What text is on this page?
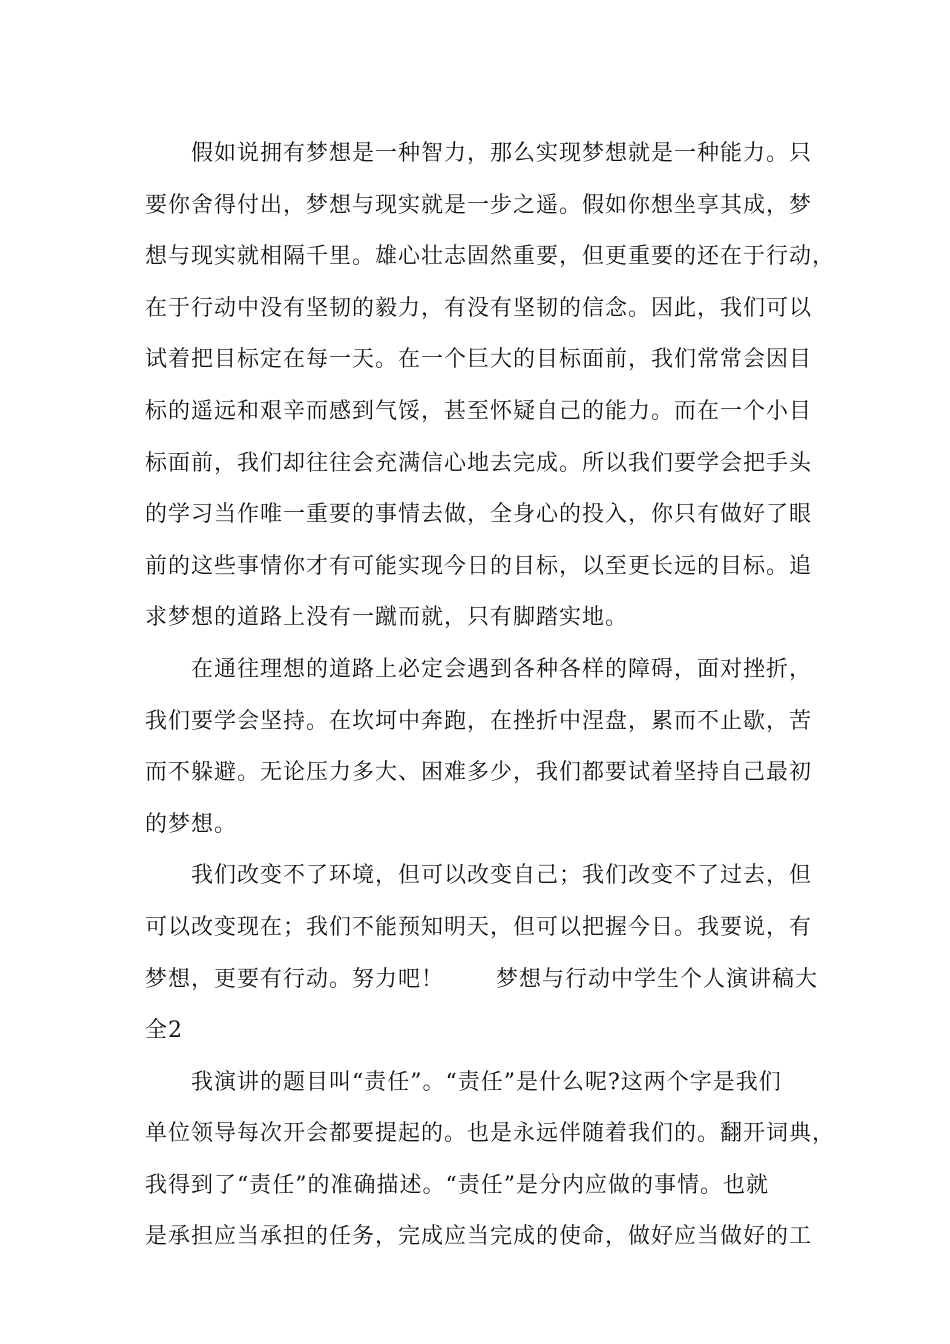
假如说拥有梦想是一种智力，那么实现梦想就是一种能力。只
要你舍得付出，梦想与现实就是一步之遥。假如你想坐享其成，梦
想与现实就相隔千里。雄心壮志固然重要，但更重要的还在于行动，
在于行动中没有坚韧的毅力，有没有坚韧的信念。因此，我们可以
试着把目标定在每一天。在一个巨大的目标面前，我们常常会因目
标的遥远和艰辛而感到气馁，甚至怀疑自己的能力。而在一个小目
标面前，我们却往往会充满信心地去完成。所以我们要学会把手头
的学习当作唯一重要的事情去做，全身心的投入，你只有做好了眼
前的这些事情你才有可能实现今日的目标，以至更长远的目标。追
求梦想的道路上没有一蹴而就，只有脚踏实地。
在通往理想的道路上必定会遇到各种各样的障碍，面对挫折，
我们要学会坚持。在坎坷中奔跑，在挫折中涅盘，累而不止歇，苦
而不躲避。无论压力多大、困难多少，我们都要试着坚持自己最初
的梦想。
我们改变不了环境，但可以改变自己；我们改变不了过去，但
可以改变现在；我们不能预知明天，但可以把握今日。我要说，有
梦想，更要有行动。努力吧！ 梦想与行动中学生个人演讲稿大
全2
我演讲的题目叫“责任”。“责任”是什么呢?这两个字是我们
单位领导每次开会都要提起的。也是永远伴随着我们的。翻开词典，
我得到了“责任”的准确描述。“责任”是分内应做的事情。也就
是承担应当承担的任务，完成应当完成的使命，做好应当做好的工
